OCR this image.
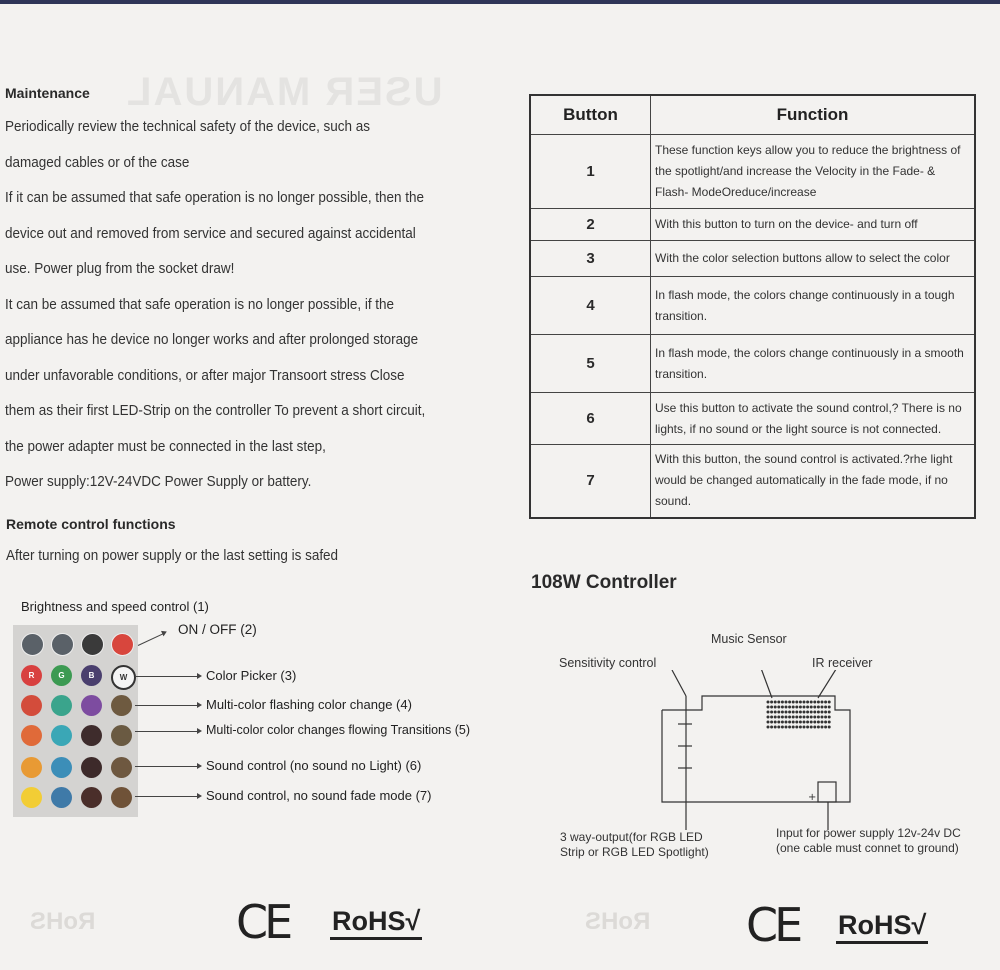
USER MANUAL
Maintenance
Periodically review the technical safety of the device, such as
damaged cables or of the case
If it can be assumed that safe operation is no longer possible, then the
device out and removed from service and secured against accidental
use. Power plug from the socket draw!
It can be assumed that safe operation is no longer possible, if the
appliance has he device no longer works and after prolonged storage
under unfavorable conditions, or after major Transoort stress Close
them as their first LED-Strip on the controller To prevent a short circuit,
the power adapter must be connected in the last step,
Power supply:12V-24VDC Power Supply or battery.
Remote control functions
After turning on power supply or the last setting is safed
Brightness and speed control (1)
ON / OFF (2)
R	G	B	W	Color Picker (3)
Multi-color flashing color change (4)
Multi-color color changes flowing Transitions (5)
Sound control (no sound no Light) (6)
Sound control, no sound fade mode (7)
Button	Function
1	These function keys allow you to reduce the brightness of the spotlight/and increase the Velocity in the Fade- & Flash- ModeOreduce/increase
2	With this button to turn on the device- and turn off
3	With the color selection buttons allow to select the color
4	In flash mode, the colors change continuously in a tough transition.
5	In flash mode, the colors change continuously in a smooth transition.
6	Use this button to activate the sound control,? There is no lights, if no sound or the light source is not connected.
7	With this button, the sound control is activated.?rhe light would be changed automatically in the fade mode, if no sound.
108W Controller
Music Sensor
Sensitivity control	IR receiver
+|
3 way-output(for RGB LED
Strip or RGB LED Spotlight)
Input for power supply 12v-24v DC
(one cable must connet to ground)
RoHS	CE RoHS√	RoHS CE RoHS√
